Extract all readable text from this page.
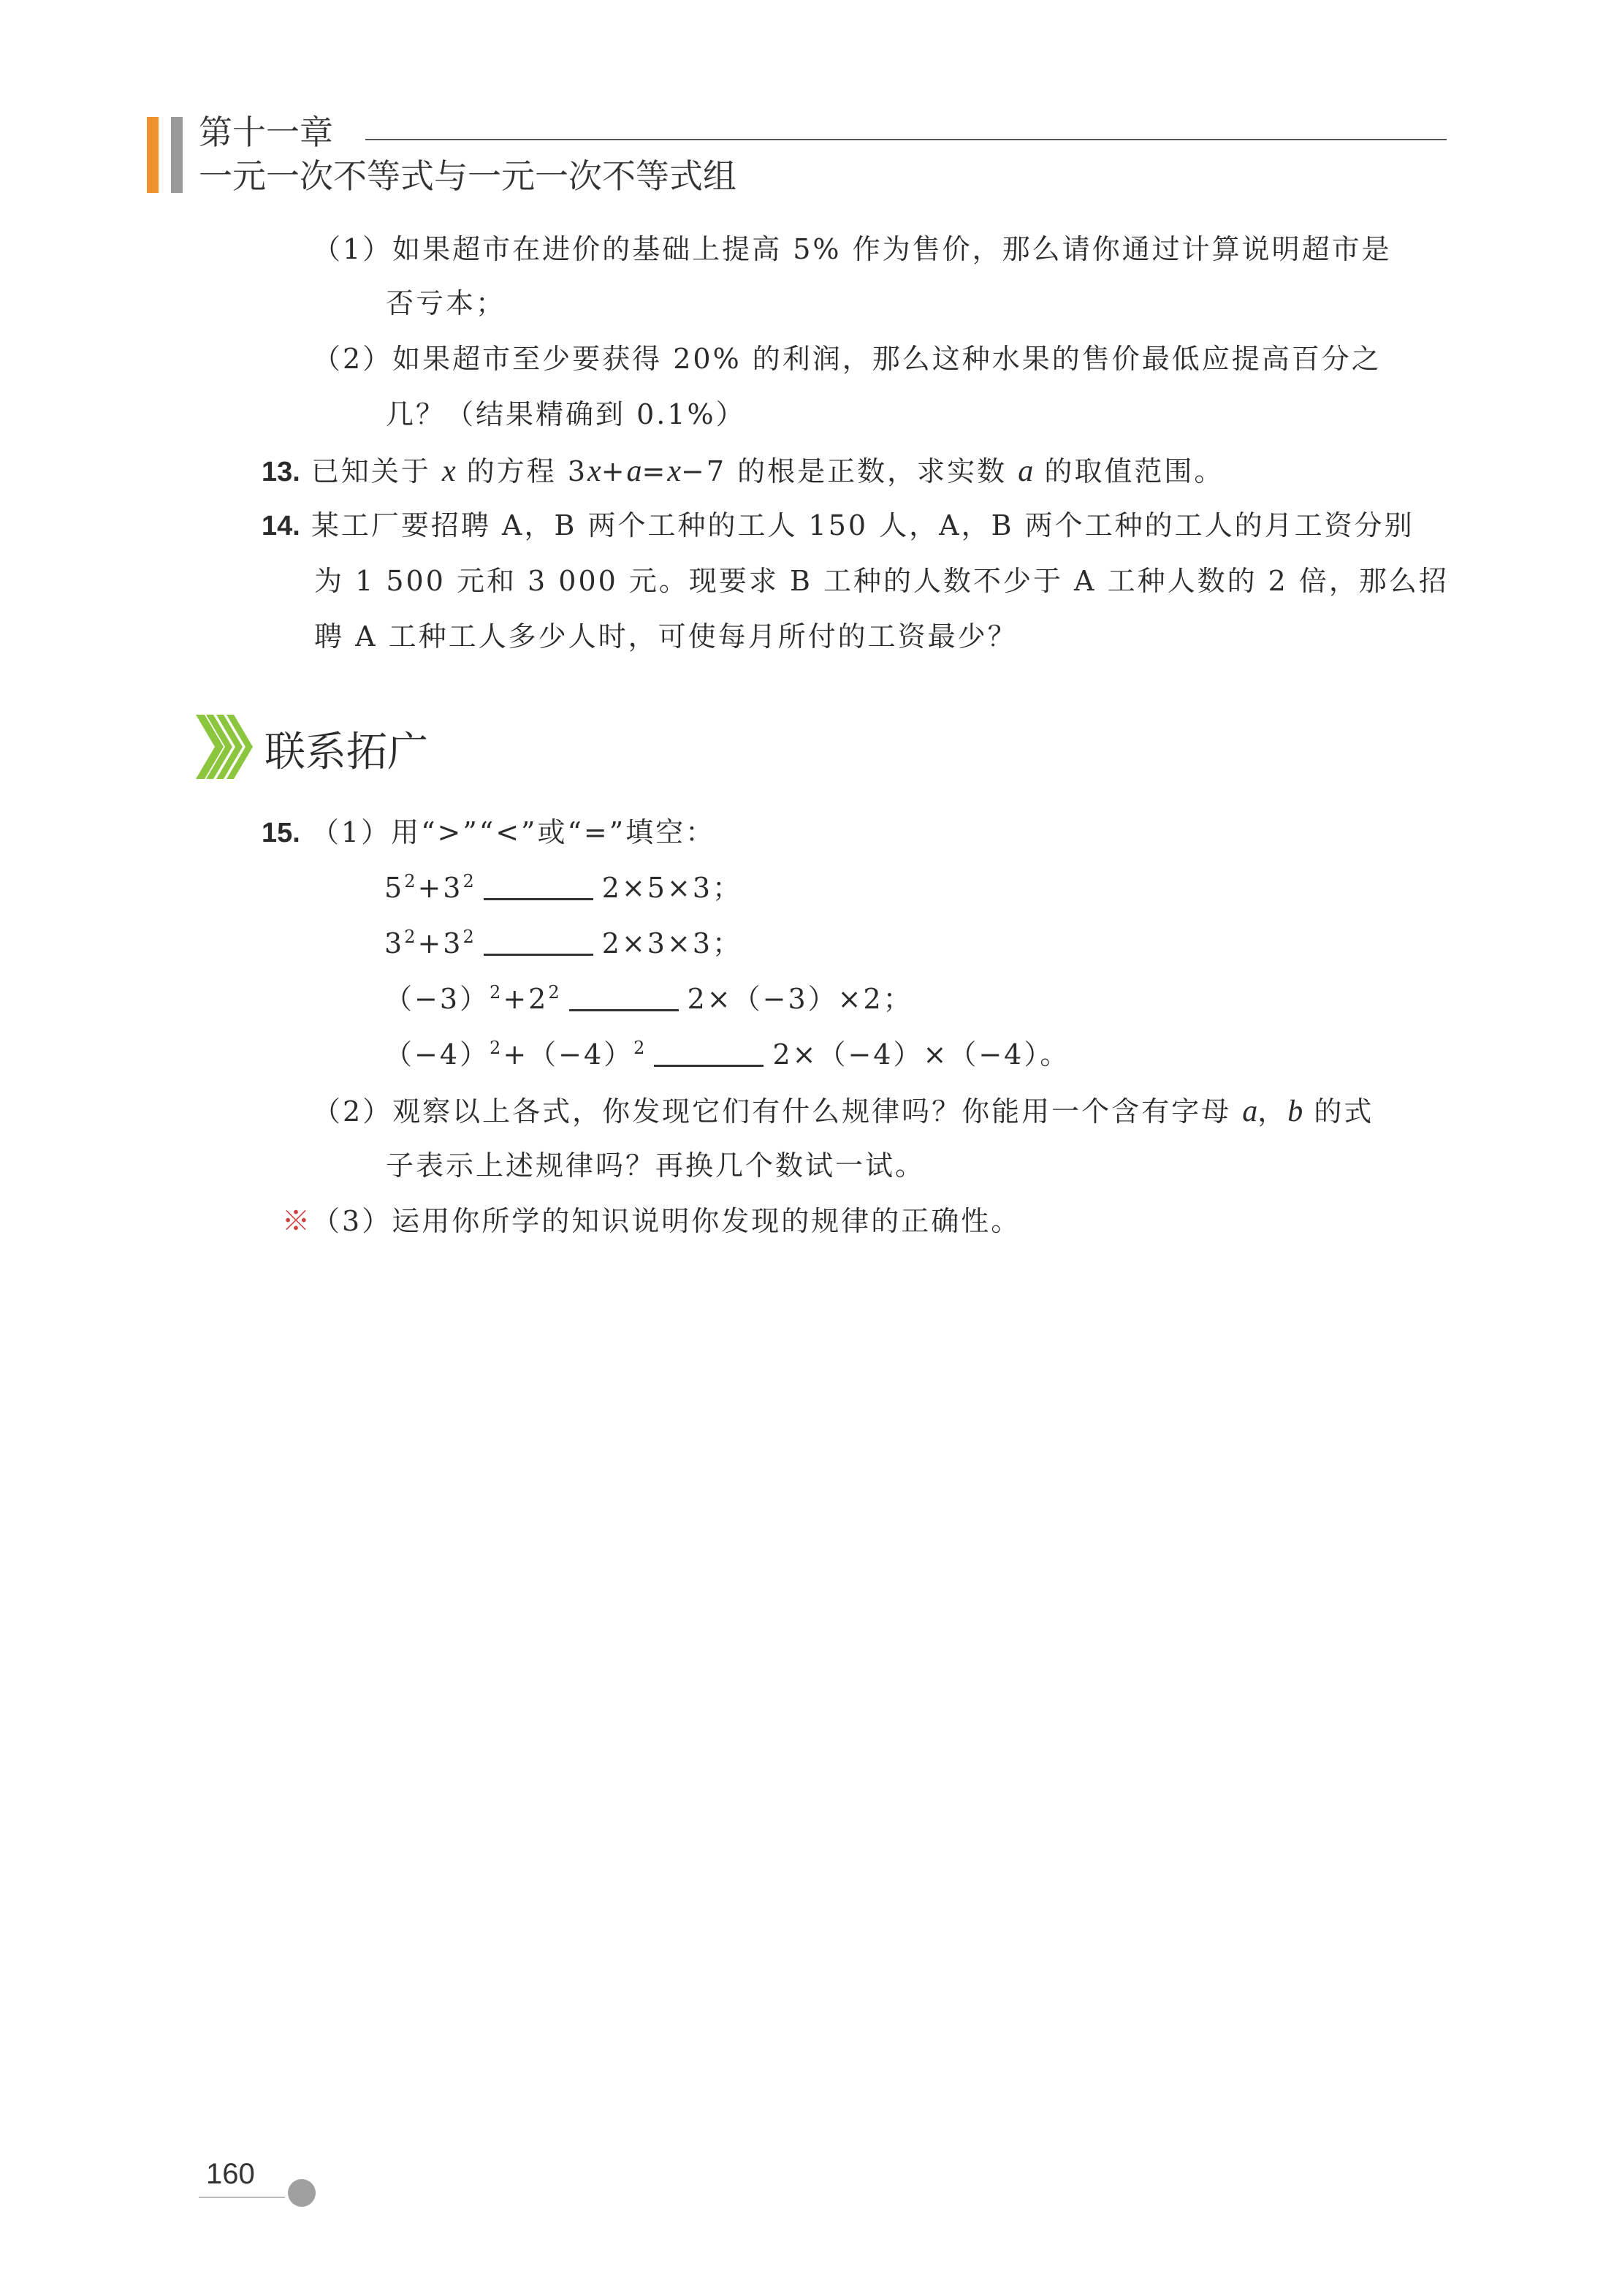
第十一章
一元一次不等式与一元一次不等式组
（1）如果超市在进价的基础上提高 5% 作为售价，那么请你通过计算说明超市是
否亏本；
（2）如果超市至少要获得 20% 的利润，那么这种水果的售价最低应提高百分之
几？（结果精确到 0.1%）
13. 已知关于 x 的方程 3x+a=x−7 的根是正数，求实数 a 的取值范围。
14. 某工厂要招聘 A，B 两个工种的工人 150 人，A，B 两个工种的工人的月工资分别
为 1 500 元和 3 000 元。现要求 B 工种的人数不少于 A 工种人数的 2 倍，那么招
聘 A 工种工人多少人时，可使每月所付的工资最少？
联系拓广
15. （1）用“>”“<”或“=”填空：
$5^2+3^2$	2×5×3；
$3^2+3^2$	2×3×3；
$(-3)^2+2^2$	2×（−3）×2；
$(-4)^2+(-4)^2$	2×（−4）×（−4）。
（2）观察以上各式，你发现它们有什么规律吗？你能用一个含有字母 a，b 的式
子表示上述规律吗？再换几个数试一试。
※（3）运用你所学的知识说明你发现的规律的正确性。
160
